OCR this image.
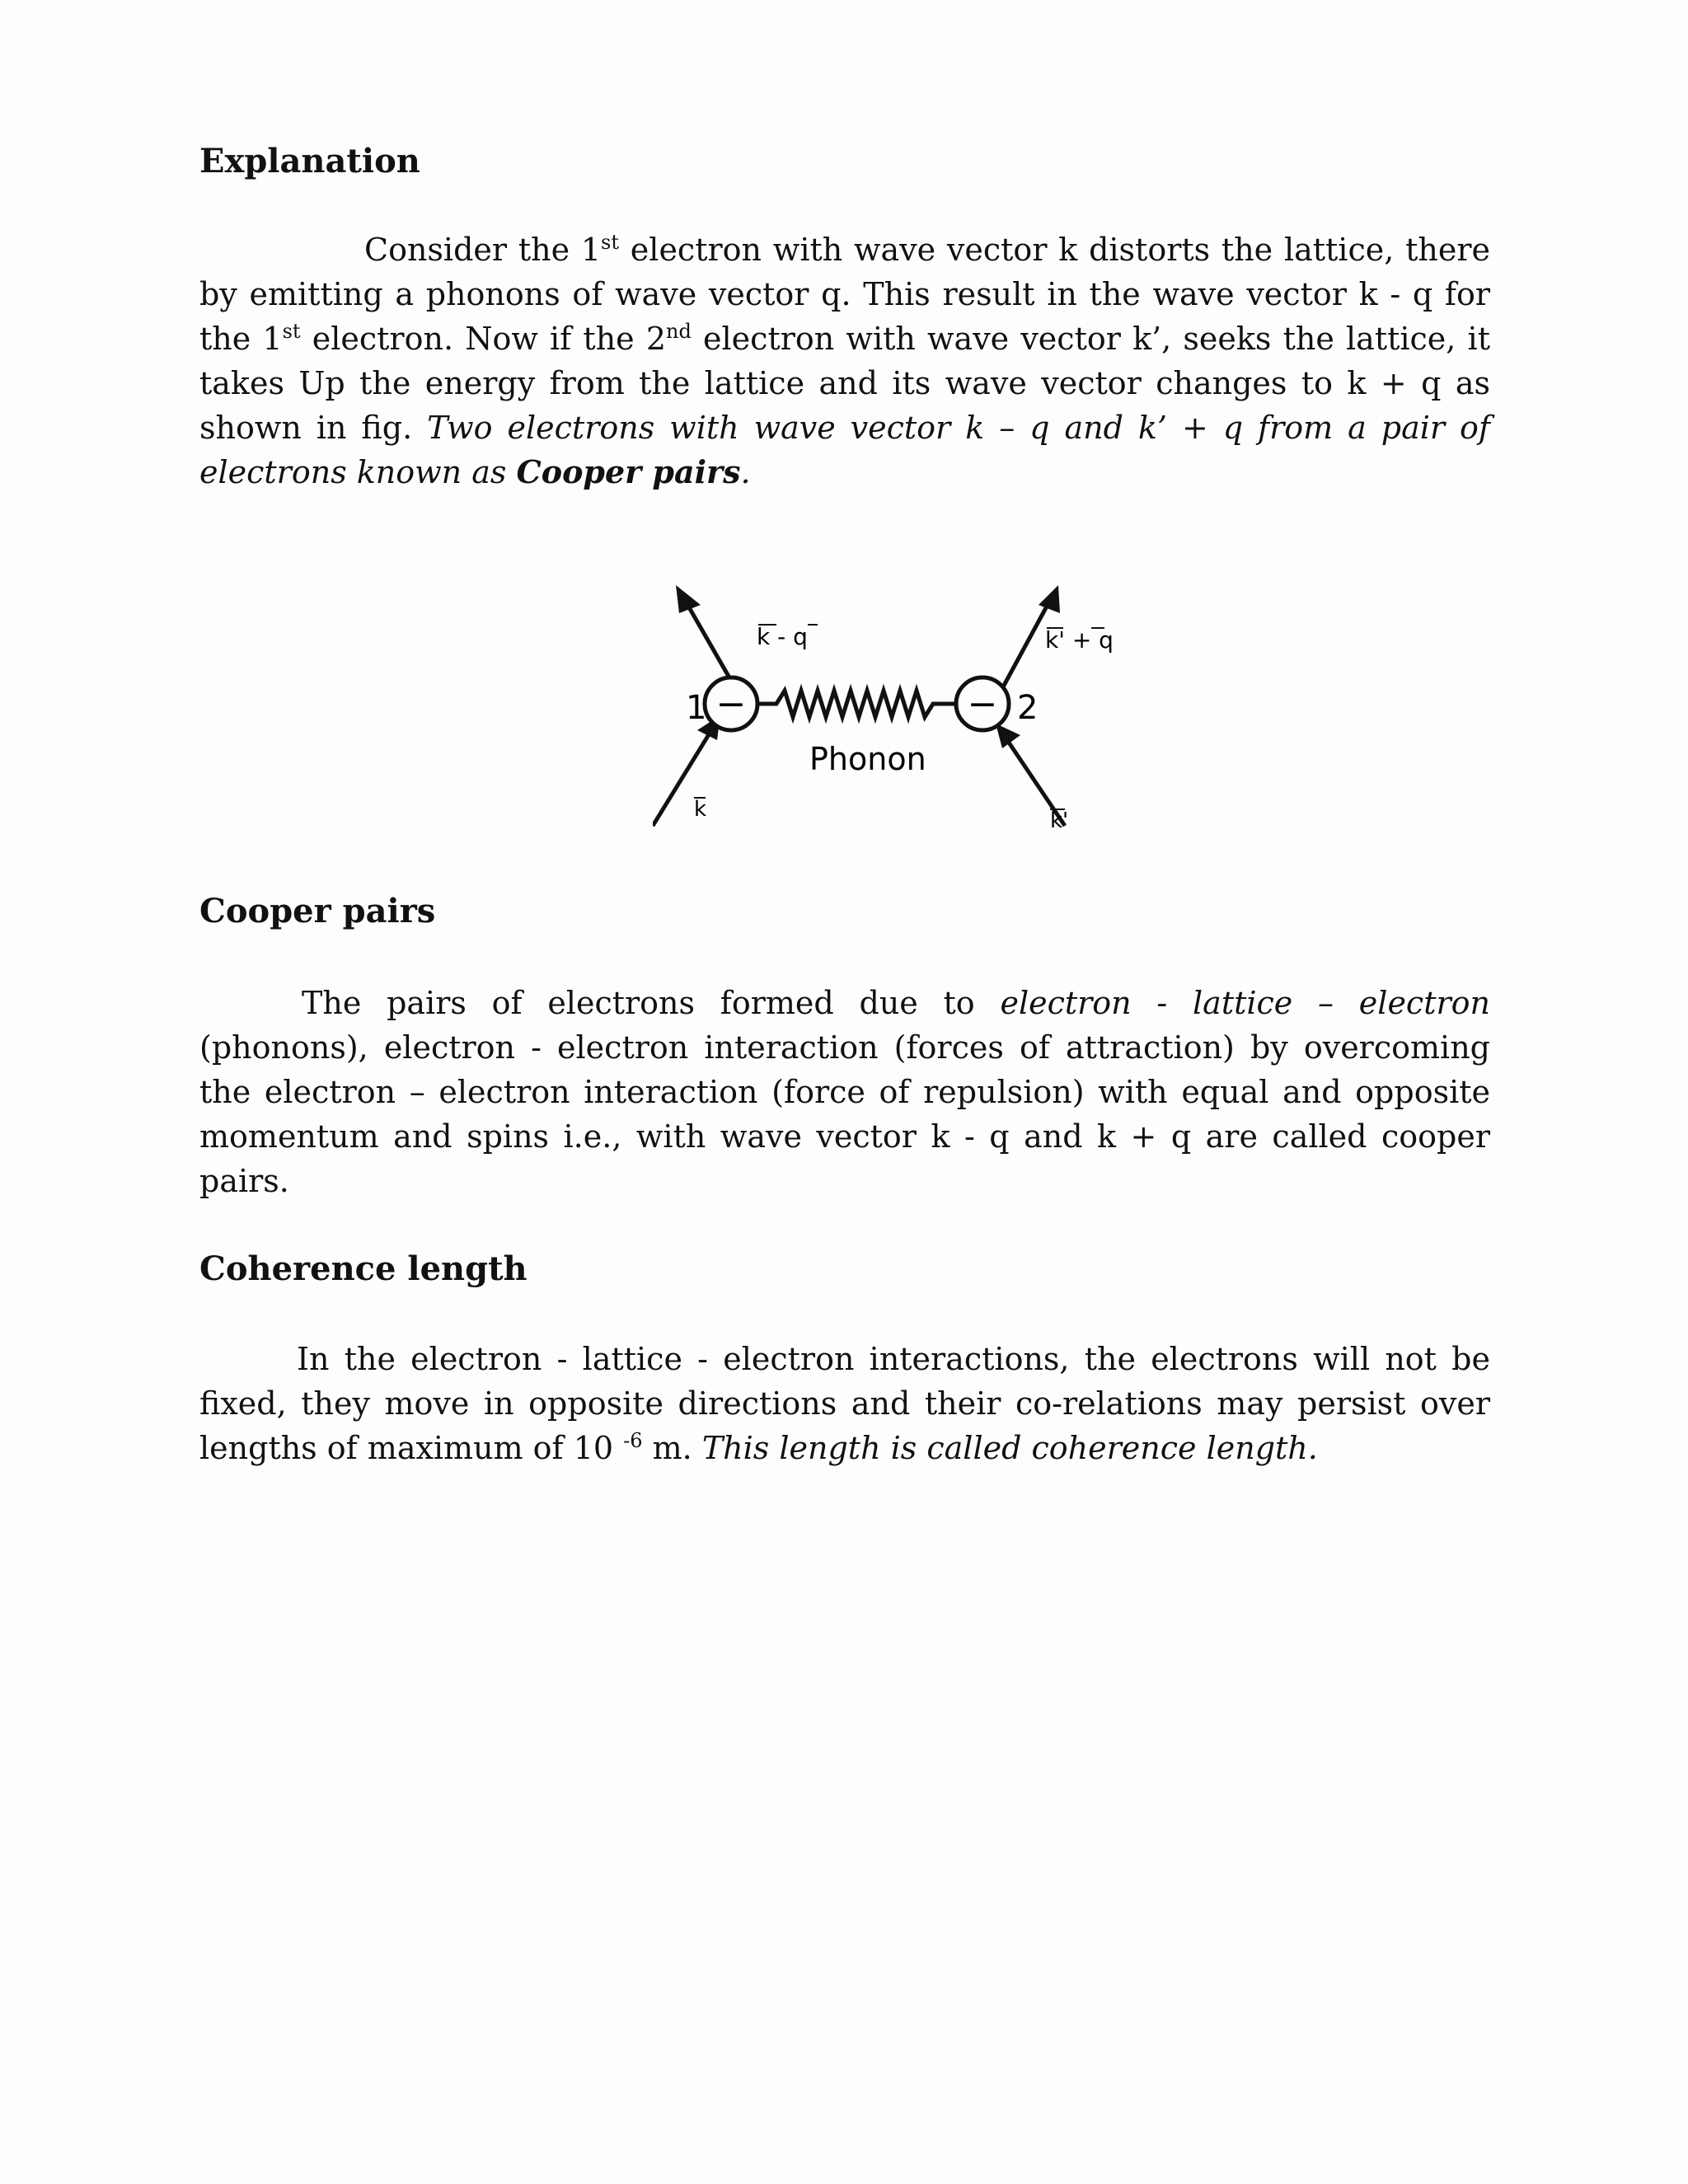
Explanation

Consider the 1st electron with wave vector k distorts the lattice, there by emitting a phonons of wave vector q. This result in the wave vector k - q for the 1st electron. Now if the 2nd electron with wave vector k’, seeks the lattice, it takes Up the energy from the lattice and its wave vector changes to k + q as shown in fig. Two electrons with wave vector k – q and k’ + q from a pair of electrons known as Cooper pairs.

−	−
k - q	k' + q
1	2
Phonon
k	k'
Cooper pairs

The pairs of electrons formed due to electron - lattice – electron (phonons), electron - electron interaction (forces of attraction) by overcoming the electron – electron interaction (force of repulsion) with equal and opposite momentum and spins i.e., with wave vector k - q and k + q are called cooper pairs.

Coherence length

In the electron - lattice - electron interactions, the electrons will not be fixed, they move in opposite directions and their co-relations may persist over lengths of maximum of 10 $^{-6}$ m. This length is called coherence length.
